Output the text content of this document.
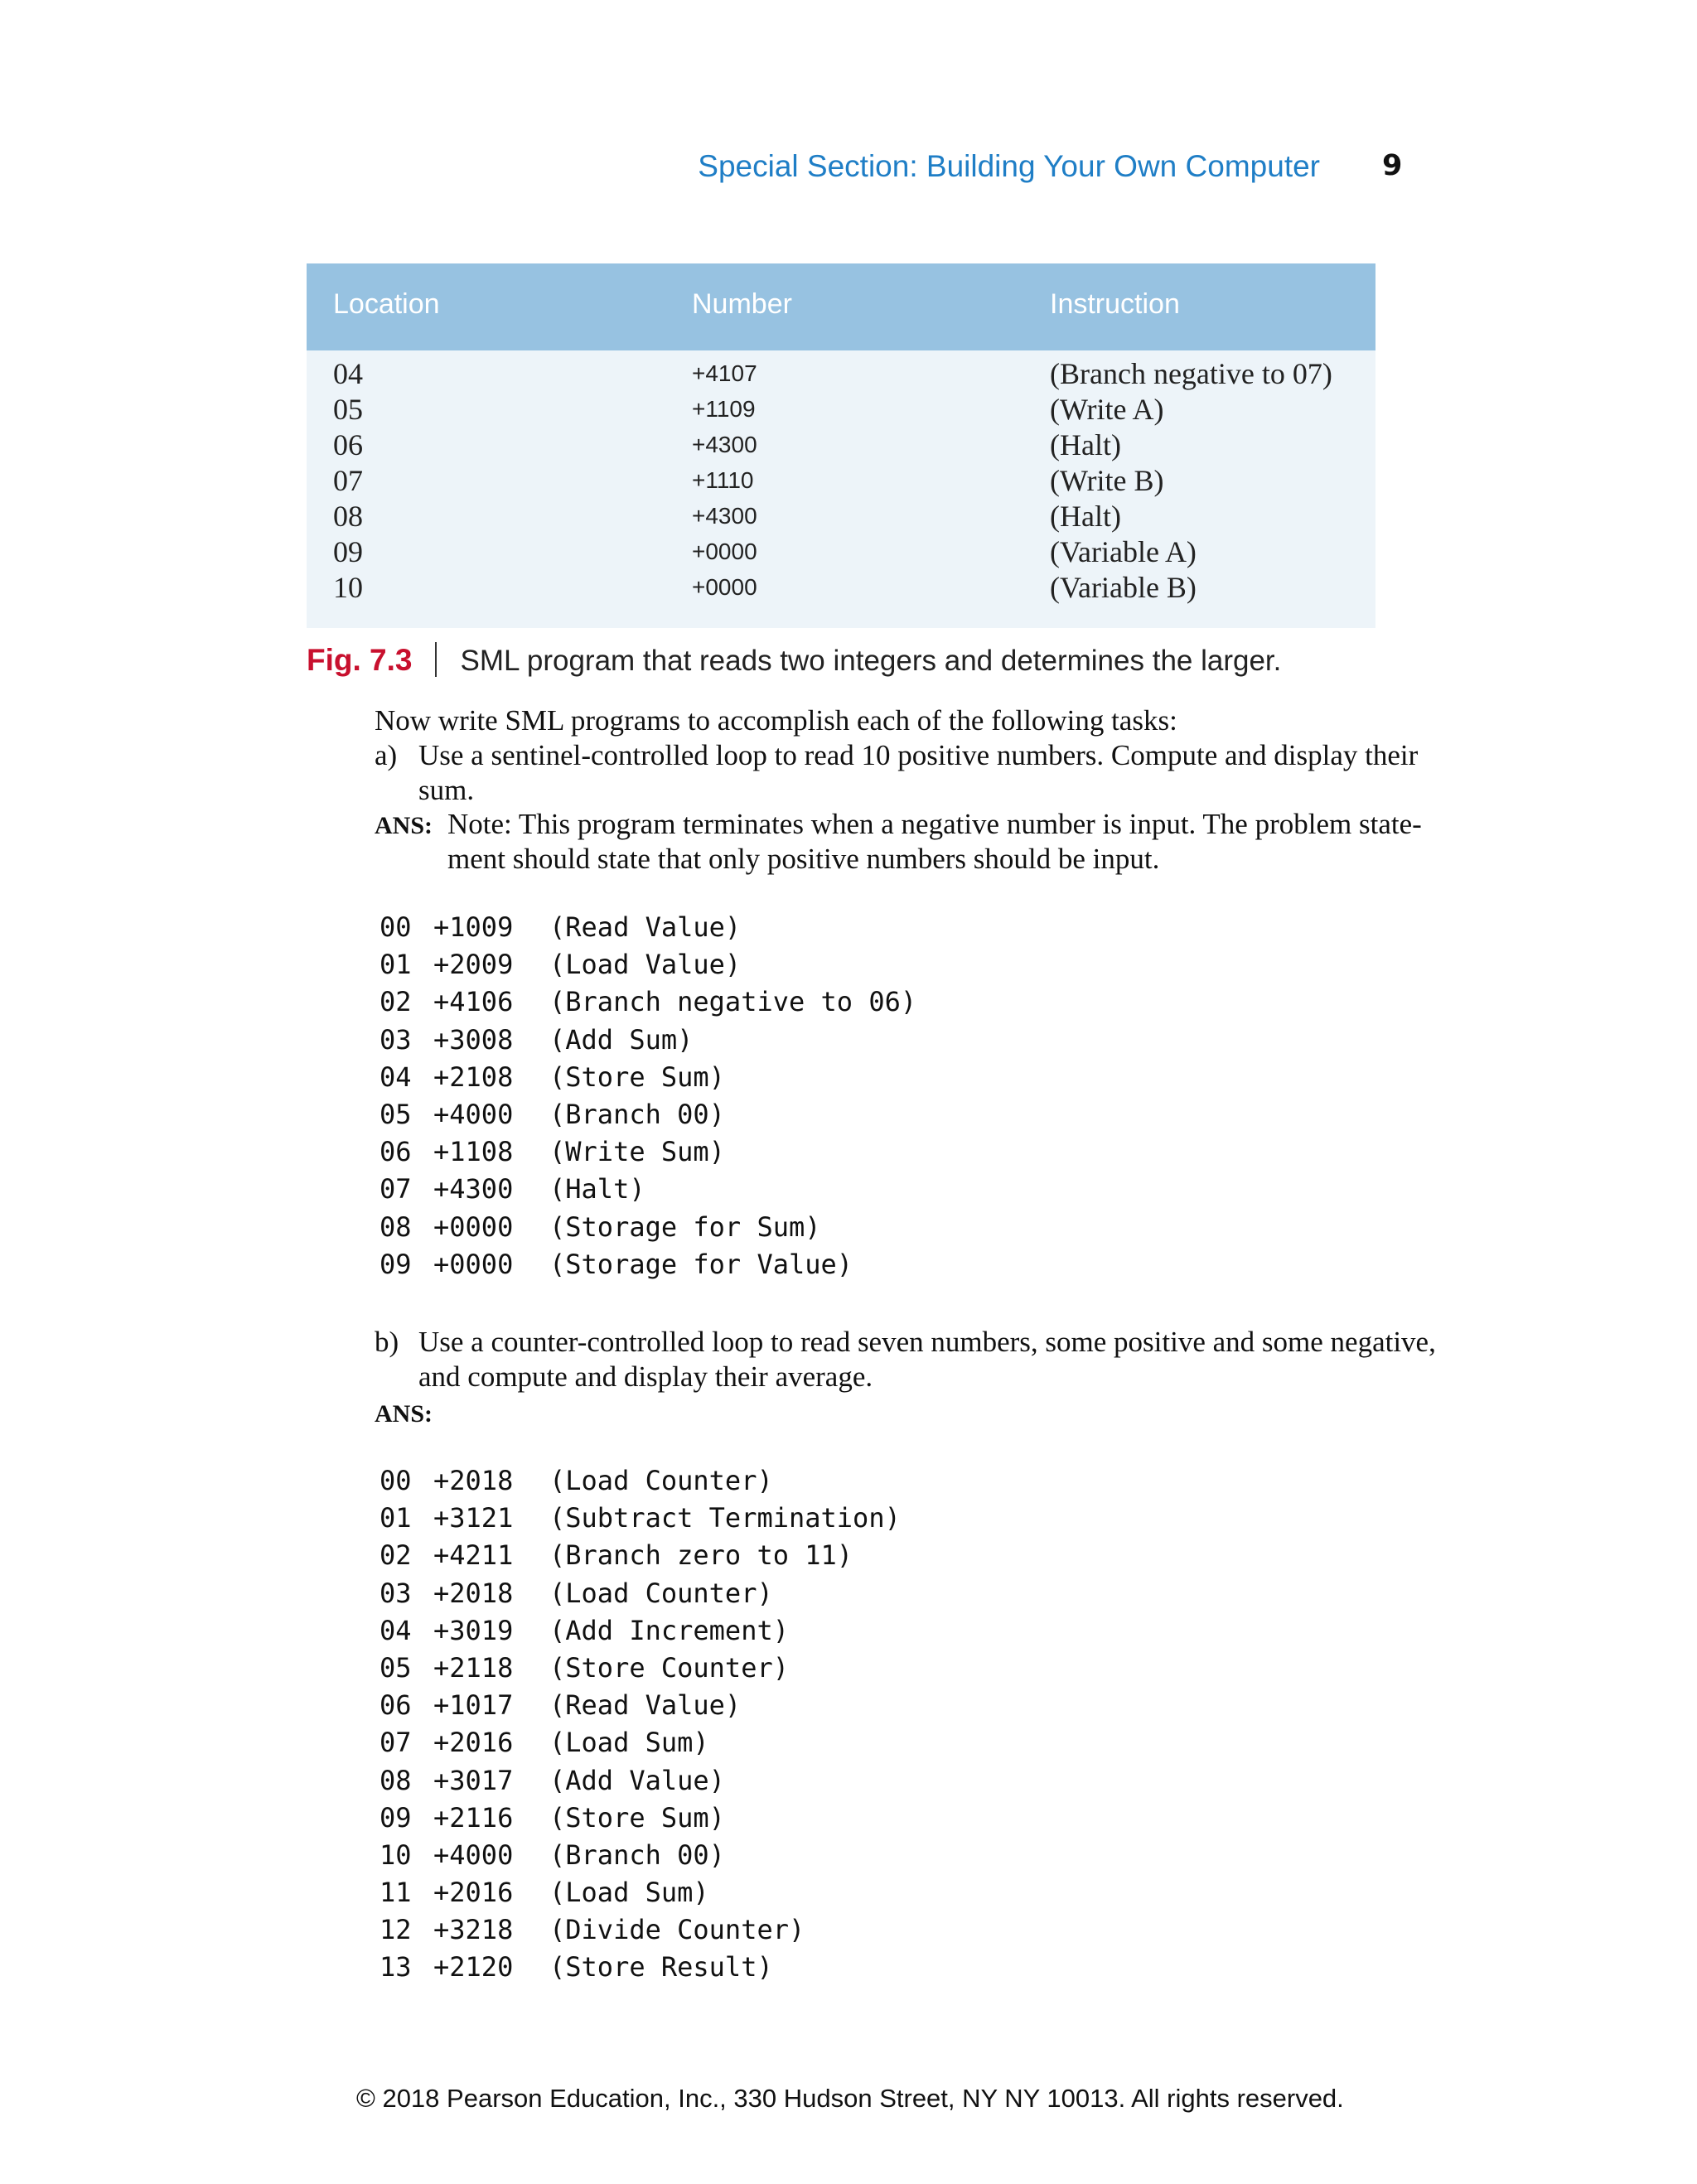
Special Section: Building Your Own Computer 9
Location	Number	Instruction
04	+4107	(Branch negative to 07)
05	+1109	(Write A)
06	+4300	(Halt)
07	+1110	(Write B)
08	+4300	(Halt)
09	+0000	(Variable A)
10	+0000	(Variable B)
Fig. 7.3 SML program that reads two integers and determines the larger.
Now write SML programs to accomplish each of the following tasks:
a) Use a sentinel-controlled loop to read 10 positive numbers. Compute and display their
sum.
ANS: Note: This program terminates when a negative number is input. The problem state-
ment should state that only positive numbers should be input.
00 +1009 (Read Value)
01 +2009 (Load Value)
02 +4106 (Branch negative to 06)
03 +3008 (Add Sum)
04 +2108 (Store Sum)
05 +4000 (Branch 00)
06 +1108 (Write Sum)
07 +4300 (Halt)
08 +0000 (Storage for Sum)
09 +0000 (Storage for Value)
b) Use a counter-controlled loop to read seven numbers, some positive and some negative,
and compute and display their average.
ANS:
00 +2018 (Load Counter)
01 +3121 (Subtract Termination)
02 +4211 (Branch zero to 11)
03 +2018 (Load Counter)
04 +3019 (Add Increment)
05 +2118 (Store Counter)
06 +1017 (Read Value)
07 +2016 (Load Sum)
08 +3017 (Add Value)
09 +2116 (Store Sum)
10 +4000 (Branch 00)
11 +2016 (Load Sum)
12 +3218 (Divide Counter)
13 +2120 (Store Result)
© 2018 Pearson Education, Inc., 330 Hudson Street, NY NY 10013. All rights reserved.
